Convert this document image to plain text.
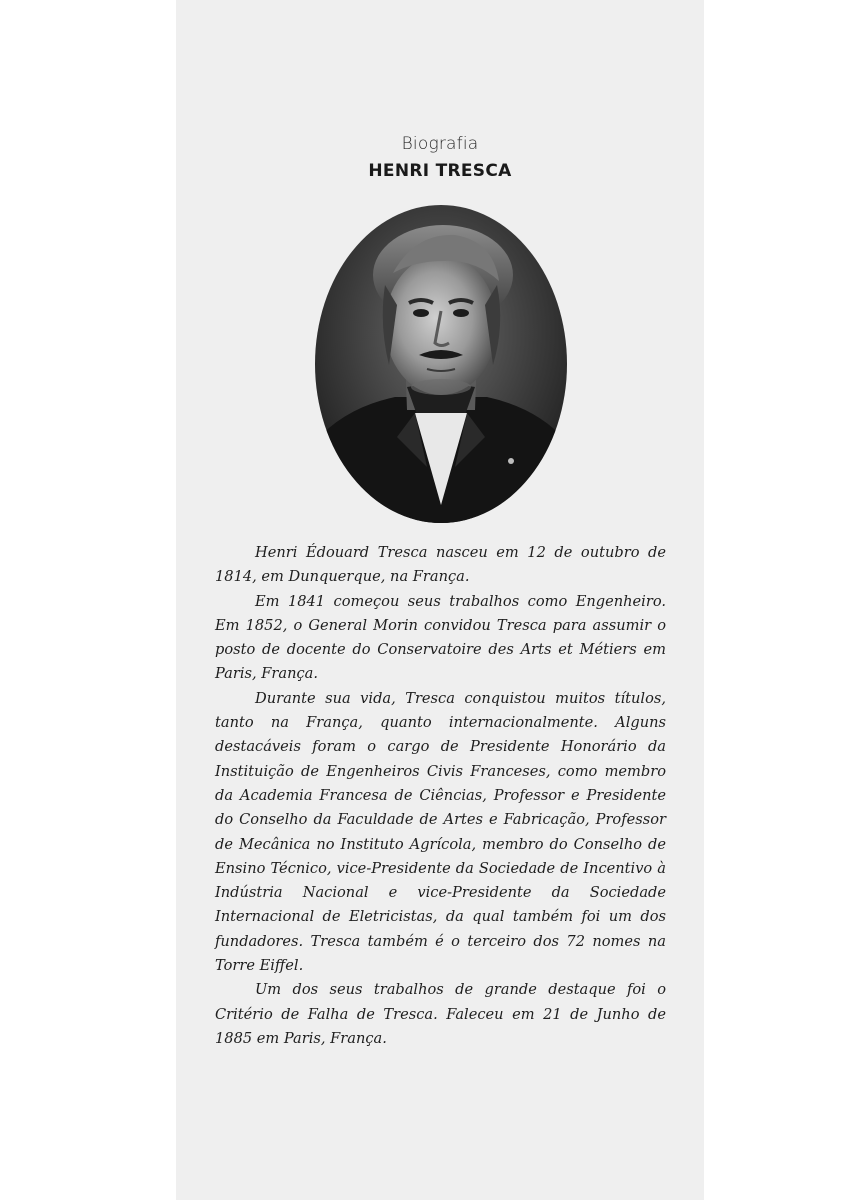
Biografia
HENRI TRESCA

Henri Édouard Tresca nasceu em 12 de outubro de 1814, em Dunquerque, na França.

Em 1841 começou seus trabalhos como Engenheiro. Em 1852, o General Morin convidou Tresca para assumir o posto de docente do Conservatoire des Arts et Métiers em Paris, França.

Durante sua vida, Tresca conquistou muitos títulos, tanto na França, quanto internacionalmente. Alguns destacáveis foram o cargo de Presidente Honorário da Instituição de Engenheiros Civis Franceses, como membro da Academia Francesa de Ciências, Professor e Presidente do Conselho da Faculdade de Artes e Fabricação, Professor de Mecânica no Instituto Agrícola, membro do Conselho de Ensino Técnico, vice-Presidente da Sociedade de Incentivo à Indústria Nacional e vice-Presidente da Sociedade Internacional de Eletricistas, da qual também foi um dos fundadores. Tresca também é o terceiro dos 72 nomes na Torre Eiffel.

Um dos seus trabalhos de grande destaque foi o Critério de Falha de Tresca. Faleceu em 21 de Junho de 1885 em Paris, França.
